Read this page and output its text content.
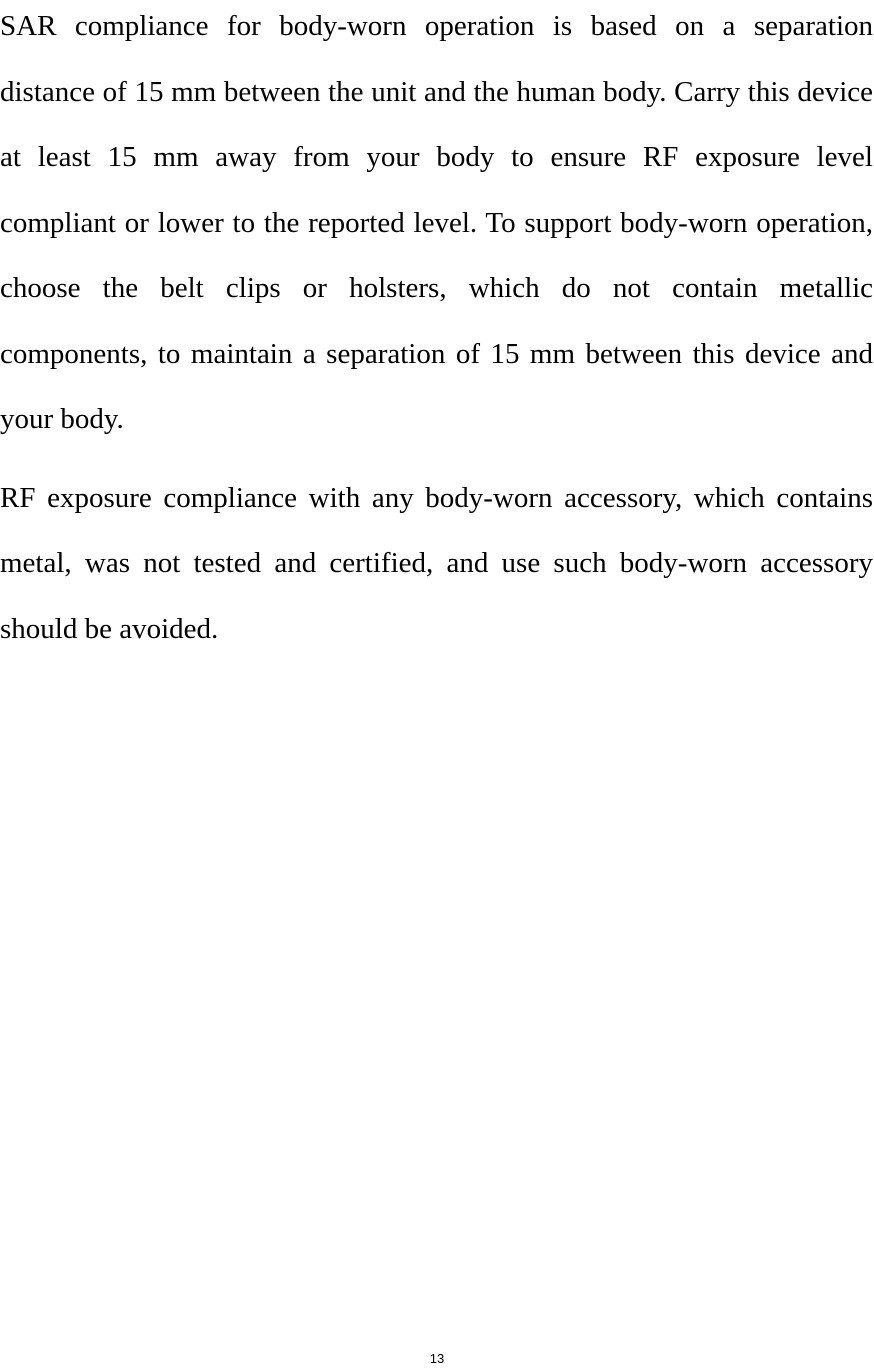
SAR compliance for body-worn operation is based on a separation distance of 15 mm between the unit and the human body. Carry this device at least 15 mm away from your body to ensure RF exposure level compliant or lower to the reported level. To support body-worn operation, choose the belt clips or holsters, which do not contain metallic components, to maintain a separation of 15 mm between this device and your body.

RF exposure compliance with any body-worn accessory, which contains metal, was not tested and certified, and use such body-worn accessory should be avoided.

13
